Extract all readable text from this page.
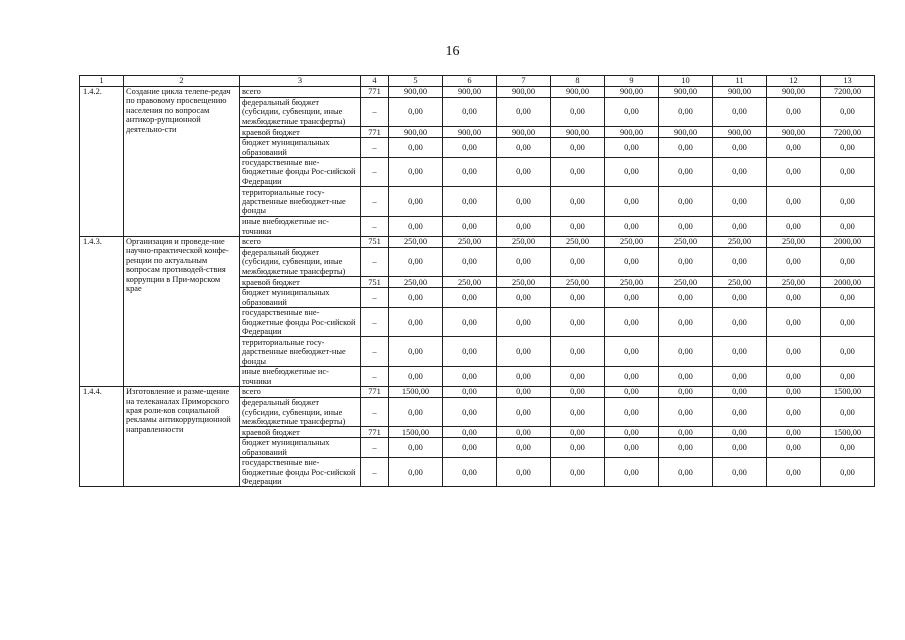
16
1	2	3	4	5	6	7	8	9	10	11	12	13
1.4.2.	Создание цикла телепе-редач по правовому просвещению населения по вопросам антикор-рупционной деятельно-сти	всего	771	900,00	900,00	900,00	900,00	900,00	900,00	900,00	900,00	7200,00
		федеральный бюджет (субсидии, субвенции, иные межбюджетные трансферты)	–	0,00	0,00	0,00	0,00	0,00	0,00	0,00	0,00	0,00
		краевой бюджет	771	900,00	900,00	900,00	900,00	900,00	900,00	900,00	900,00	7200,00
		бюджет муниципальных образований	–	0,00	0,00	0,00	0,00	0,00	0,00	0,00	0,00	0,00
		государственные вне-бюджетные фонды Рос-сийской Федерации	–	0,00	0,00	0,00	0,00	0,00	0,00	0,00	0,00	0,00
		территориальные госу-дарственные внебюджет-ные фонды	–	0,00	0,00	0,00	0,00	0,00	0,00	0,00	0,00	0,00
		иные внебюджетные ис-точники	–	0,00	0,00	0,00	0,00	0,00	0,00	0,00	0,00	0,00
1.4.3.	Организация и проведе-ние научно-практической конфе-ренции по актуальным вопросам противодей-ствия коррупции в При-морском крае	всего	751	250,00	250,00	250,00	250,00	250,00	250,00	250,00	250,00	2000,00
		федеральный бюджет (субсидии, субвенции, иные межбюджетные трансферты)	–	0,00	0,00	0,00	0,00	0,00	0,00	0,00	0,00	0,00
		краевой бюджет	751	250,00	250,00	250,00	250,00	250,00	250,00	250,00	250,00	2000,00
		бюджет муниципальных образований	–	0,00	0,00	0,00	0,00	0,00	0,00	0,00	0,00	0,00
		государственные вне-бюджетные фонды Рос-сийской Федерации	–	0,00	0,00	0,00	0,00	0,00	0,00	0,00	0,00	0,00
		территориальные госу-дарственные внебюджет-ные фонды	–	0,00	0,00	0,00	0,00	0,00	0,00	0,00	0,00	0,00
		иные внебюджетные ис-точники	–	0,00	0,00	0,00	0,00	0,00	0,00	0,00	0,00	0,00
1.4.4.	Изготовление и разме-щение на телеканалах Приморского края роли-ков социальной рекламы антикоррупционной направленности	всего	771	1500,00	0,00	0,00	0,00	0,00	0,00	0,00	0,00	1500,00
		федеральный бюджет (субсидии, субвенции, иные межбюджетные трансферты)	–	0,00	0,00	0,00	0,00	0,00	0,00	0,00	0,00	0,00
		краевой бюджет	771	1500,00	0,00	0,00	0,00	0,00	0,00	0,00	0,00	1500,00
		бюджет муниципальных образований	–	0,00	0,00	0,00	0,00	0,00	0,00	0,00	0,00	0,00
		государственные вне-бюджетные фонды Рос-сийской Федерации	–	0,00	0,00	0,00	0,00	0,00	0,00	0,00	0,00	0,00
